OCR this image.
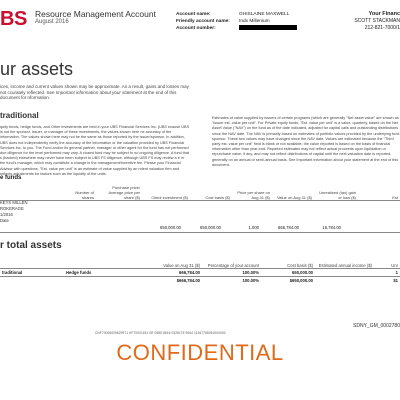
BS Resource Management Account
August 2016
Account name:	GHISLAINE MAXWELL
Friendly account name: Indx Millenium
Account number:
Your Financ
SCOTT STACKMAN
212-821-7000/1
ur assets
ices, income and current values shown may be approximate. As a result, gains and losses may not ccurately reflected. See Important information about your statement at the end of this document for nformation.
traditional
quity funds, hedge funds, and Other investments are held in your UBS Financial Services Inc. (UBS ecause UBS is not the sponsor, issuer, or manager of these investments, the values shown here ne accuracy of the information. The values shown here may not be the same as those reported by the issuer/sponsor. In addition, UBS does not independently verify the accuracy of the information or the valuation provided by UBS Financial Services Inc. to you. The Fund and/or its general partner, manager or other agent for the fund has not performed due diligence for the level performed may vary. A closed fund may be subject to no ongoing diligence. A fund that s (backed) elsewhere may never have been subject to UBS FS diligence, although UBS FS may review a e in the fund's manager, which may constitute a change in the management/incentive fee. Please your Financial Advisor with questions. "Est. value per unit" is an estimate of value supplied by an ndent valuation firm and reflects adjustments for factors such as the liquidity of the units.
Estimates of value supplied by issuers of certain programs (which are generally "Net asset value" are shown as "issuer est. value per unit". For Private equity funds, "Est. value per unit" is a value, quarterly, based on the Net Asset Value ("NAV") on the fund as of the date indicated, adjusted for capital calls and outstanding distributions since the NAV date. The NAV is primarily based on estimates of portfolio values provided by the underlying fund sponsor. These two values may have changed since the NAV date. Values are estimated because the "Third party est. value per unit" field is blank or not available, the value reported is based on the basis of financial information other than year-end. Reported estimates may not reflect actual proceeds upon liquidation or repurchase value, if any, and may not reflect distributions of capital until the next valuation date is reported, generally on an annual or semi-annual basis. See Important information about your statement at the end of this document.
e funds
	Number of shares	Purchase price/ Average price per share ($)	Client investment ($)	Cost basis ($)	Price per share on Aug 31 ($)	Value on Aug 31 ($)	Unrealized (tax) gain or loss ($)	Est
KEYS MILLEN
ROKERAGE
1/2016
Date
			650,000.00	650,000.00	1.000	666,784.00	16,784.00	
r total assets
		Value on Aug 31 ($)	Percentage of your account	Cost basis ($)	Estimated annual income ($)	Unr
traditional	Hedge funds	666,784.00	100.00%	650,000.00		1
		$666,784.00	100.00%	$650,000.00		$1
SDNY_GM_0002780
CNF70006005629971 HF70001181 0R 0585 8616 0328175 9064 11267765051000000
CONFIDENTIAL
